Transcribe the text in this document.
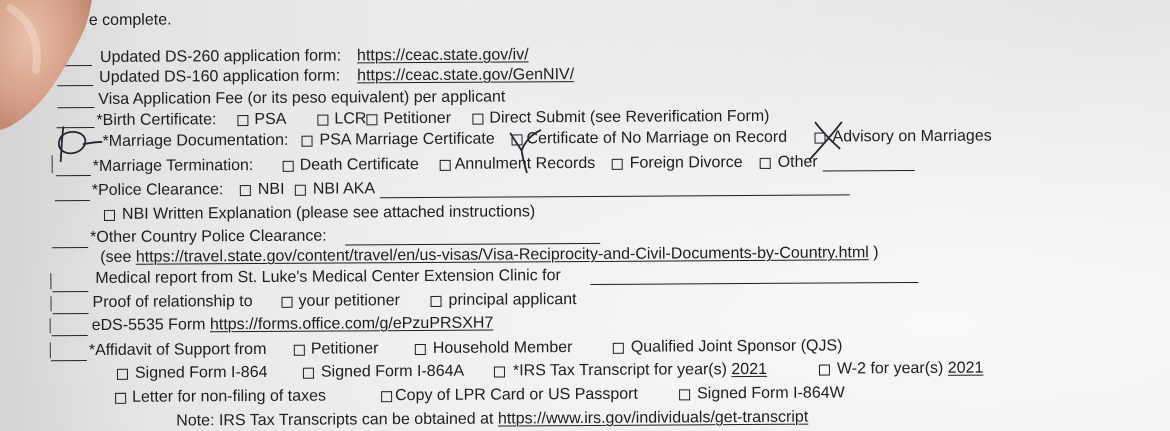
e complete.
Updated DS-260 application form: https://ceac.state.gov/iv/
Updated DS-160 application form: https://ceac.state.gov/GenNIV/
Visa Application Fee (or its peso equivalent) per applicant
*Birth Certificate: PSA	LCR Petitioner Direct Submit (see Reverification Form)
*Marriage Documentation: PSA Marriage Certificate Certificate of No Marriage on Record	Advisory on Marriages
*Marriage Termination:	Death Certificate Annulment Records Foreign Divorce Other
*Police Clearance: NBI NBI AKA
NBI Written Explanation (please see attached instructions)
*Other Country Police Clearance:
(see https://travel.state.gov/content/travel/en/us-visas/Visa-Reciprocity-and-Civil-Documents-by-Country.html )
Medical report from St. Luke's Medical Center Extension Clinic for
Proof of relationship to	your petitioner	principal applicant
eDS-5535 Form https://forms.office.com/g/ePzuPRSXH7
*Affidavit of Support from	Petitioner	Household Member	Qualified Joint Sponsor (QJS)
Signed Form I-864	Signed Form I-864A	*IRS Tax Transcript for year(s) 2021	W-2 for year(s) 2021
Letter for non-filing of taxes	Copy of LPR Card or US Passport	Signed Form I-864W
Note: IRS Tax Transcripts can be obtained at https://www.irs.gov/individuals/get-transcript
